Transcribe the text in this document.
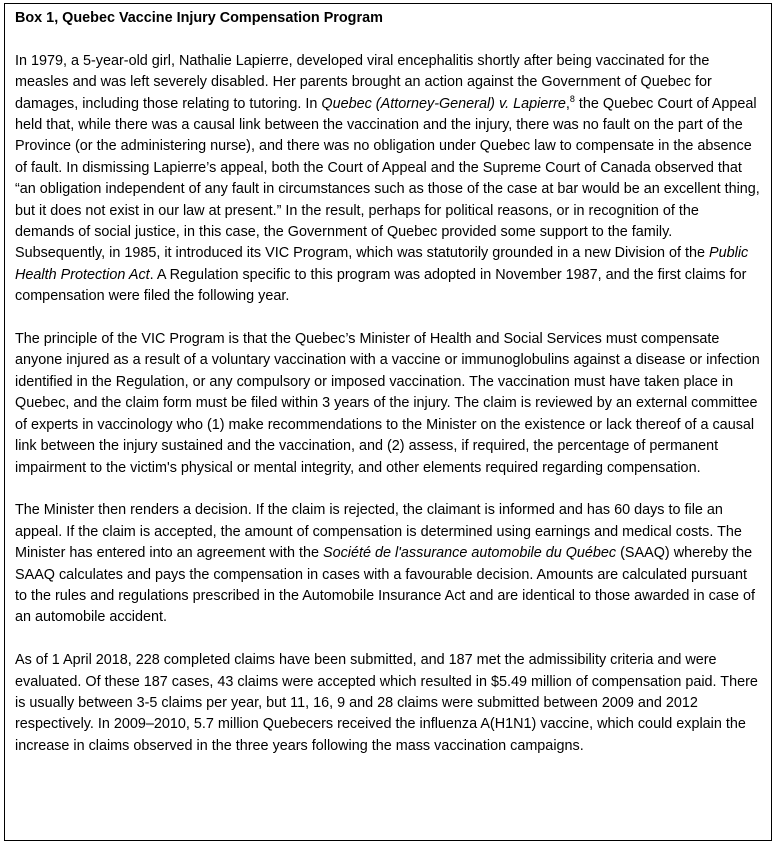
Box 1, Quebec Vaccine Injury Compensation Program
In 1979, a 5-year-old girl, Nathalie Lapierre, developed viral encephalitis shortly after being vaccinated for the measles and was left severely disabled. Her parents brought an action against the Government of Quebec for damages, including those relating to tutoring. In Quebec (Attorney-General) v. Lapierre,$^8$ the Quebec Court of Appeal held that, while there was a causal link between the vaccination and the injury, there was no fault on the part of the Province (or the administering nurse), and there was no obligation under Quebec law to compensate in the absence of fault. In dismissing Lapierre’s appeal, both the Court of Appeal and the Supreme Court of Canada observed that “an obligation independent of any fault in circumstances such as those of the case at bar would be an excellent thing, but it does not exist in our law at present.” In the result, perhaps for political reasons, or in recognition of the demands of social justice, in this case, the Government of Quebec provided some support to the family. Subsequently, in 1985, it introduced its VIC Program, which was statutorily grounded in a new Division of the Public Health Protection Act. A Regulation specific to this program was adopted in November 1987, and the first claims for compensation were filed the following year.
The principle of the VIC Program is that the Quebec’s Minister of Health and Social Services must compensate anyone injured as a result of a voluntary vaccination with a vaccine or immunoglobulins against a disease or infection identified in the Regulation, or any compulsory or imposed vaccination. The vaccination must have taken place in Quebec, and the claim form must be filed within 3 years of the injury. The claim is reviewed by an external committee of experts in vaccinology who (1) make recommendations to the Minister on the existence or lack thereof of a causal link between the injury sustained and the vaccination, and (2) assess, if required, the percentage of permanent impairment to the victim's physical or mental integrity, and other elements required regarding compensation.
The Minister then renders a decision. If the claim is rejected, the claimant is informed and has 60 days to file an appeal. If the claim is accepted, the amount of compensation is determined using earnings and medical costs. The Minister has entered into an agreement with the Société de l'assurance automobile du Québec (SAAQ) whereby the SAAQ calculates and pays the compensation in cases with a favourable decision. Amounts are calculated pursuant to the rules and regulations prescribed in the Automobile Insurance Act and are identical to those awarded in case of an automobile accident.
As of 1 April 2018, 228 completed claims have been submitted, and 187 met the admissibility criteria and were evaluated. Of these 187 cases, 43 claims were accepted which resulted in $5.49 million of compensation paid. There is usually between 3-5 claims per year, but 11, 16, 9 and 28 claims were submitted between 2009 and 2012 respectively. In 2009–2010, 5.7 million Quebecers received the influenza A(H1N1) vaccine, which could explain the increase in claims observed in the three years following the mass vaccination campaigns.
